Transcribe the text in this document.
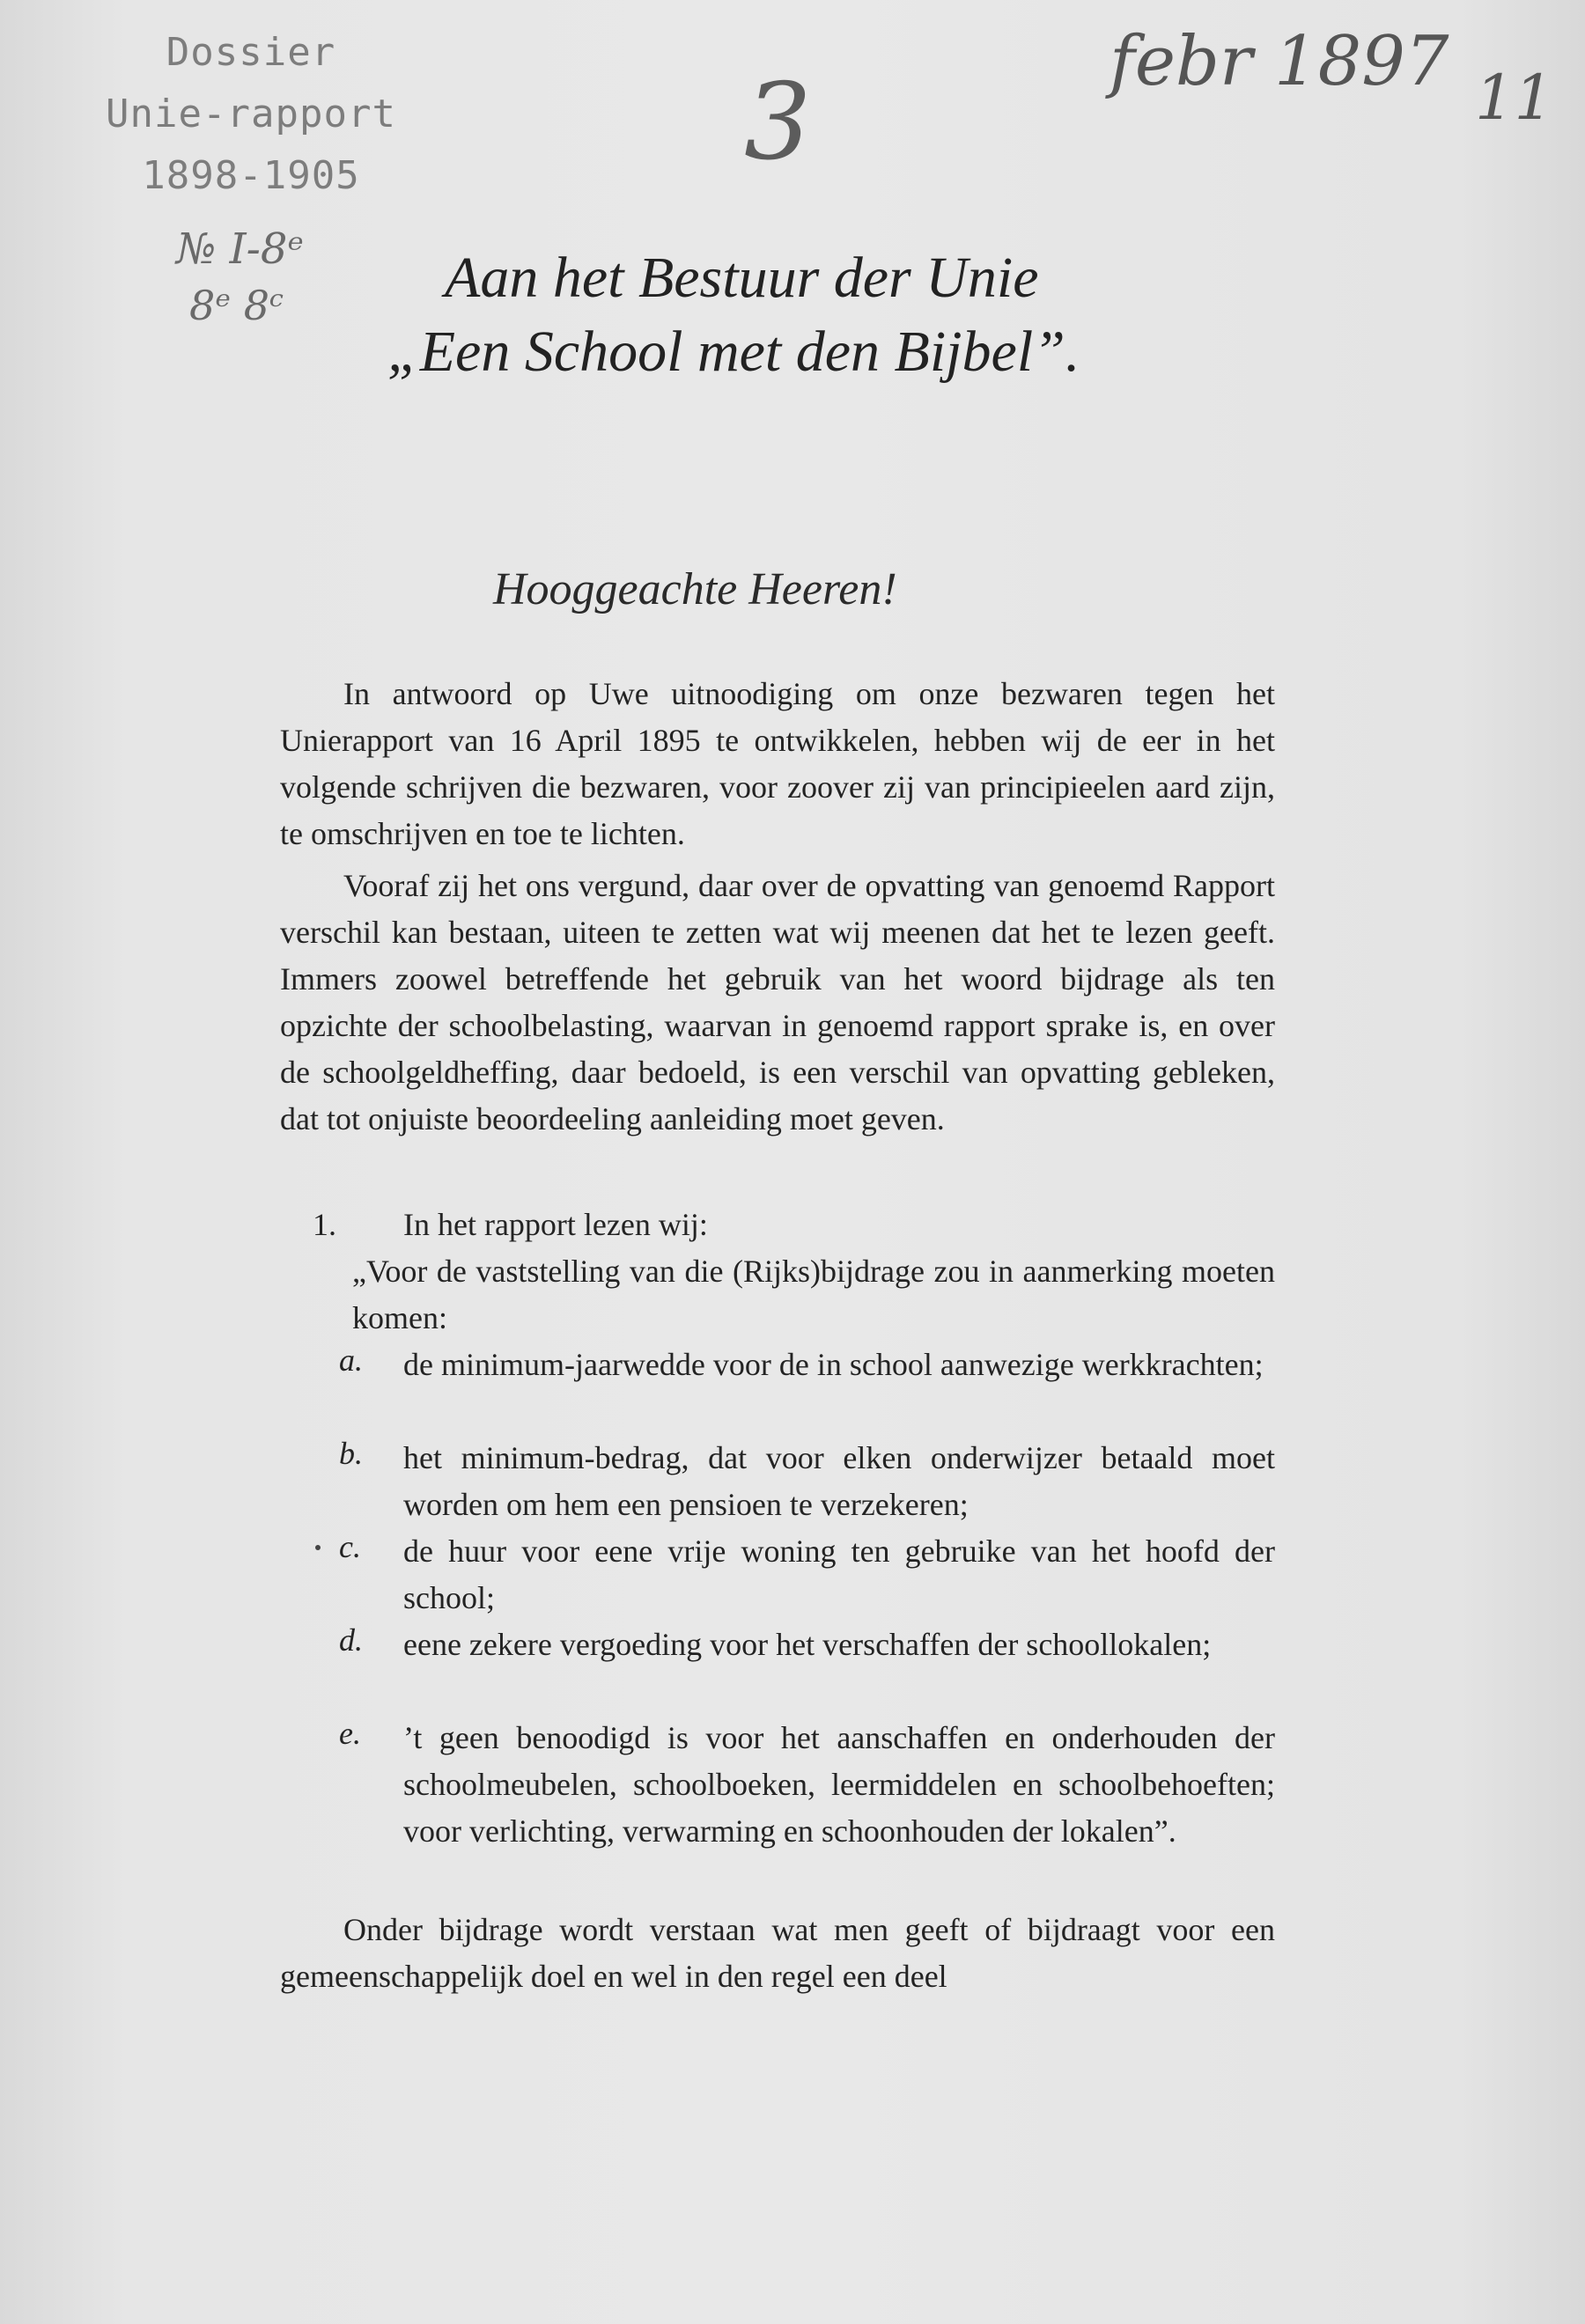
Dossier
Unie-rapport
1898-1905
№ I-8ᵉ
8ᵉ 8ᶜ
3	febr 1897 11
Aan het Bestuur der Unie
„Een School met den Bijbel”.
Hooggeachte Heeren!

In antwoord op Uwe uitnoodiging om onze bezwaren tegen het Unierapport van 16 April 1895 te ontwikkelen, hebben wij de eer in het volgende schrijven die bezwaren, voor zoover zij van principieelen aard zijn, te omschrijven en toe te lichten.

Vooraf zij het ons vergund, daar over de opvatting van genoemd Rapport verschil kan bestaan, uiteen te zetten wat wij meenen dat het te lezen geeft. Immers zoowel betreffende het gebruik van het woord bijdrage als ten opzichte der schoolbelasting, waarvan in genoemd rapport sprake is, en over de schoolgeldheffing, daar bedoeld, is een verschil van opvatting gebleken, dat tot onjuiste beoordeeling aanleiding moet geven.

1. In het rapport lezen wij:
„Voor de vaststelling van die (Rijks)bijdrage zou in aanmerking moeten komen:
a. de minimum-jaarwedde voor de in school aanwezige werkkrachten;
b. het minimum-bedrag, dat voor elken onderwijzer betaald moet worden om hem een pensioen te verzekeren;
c. de huur voor eene vrije woning ten gebruike van het hoofd der school;
d. eene zekere vergoeding voor het verschaffen der schoollokalen;
e. ’t geen benoodigd is voor het aanschaffen en onderhouden der schoolmeubelen, schoolboeken, leermiddelen en schoolbehoeften; voor verlichting, verwarming en schoonhouden der lokalen”.

Onder bijdrage wordt verstaan wat men geeft of bijdraagt voor een gemeenschappelijk doel en wel in den regel een deel
